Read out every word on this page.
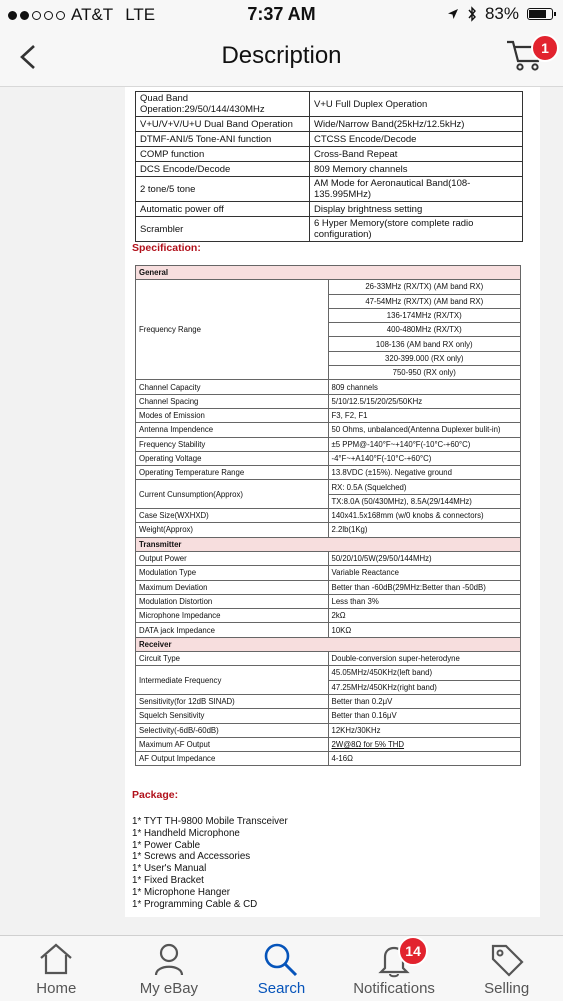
AT&T LTE	7:37 AM	83%
Description	1
Quad Band Operation:29/50/144/430MHz	V+U Full Duplex Operation
V+U/V+V/U+U Dual Band Operation	Wide/Narrow Band(25kHz/12.5kHz)
DTMF-ANI/5 Tone-ANI function	CTCSS Encode/Decode
COMP function	Cross-Band Repeat
DCS Encode/Decode	809 Memory channels
2 tone/5 tone	AM Mode for Aeronautical Band(108-135.995MHz)
Automatic power off	Display brightness setting
Scrambler	6 Hyper Memory(store complete radio configuration)
Specification:
General	
Frequency Range	26-33MHz (RX/TX) (AM band RX)
	47-54MHz (RX/TX) (AM band RX)
	136-174MHz (RX/TX)
	400-480MHz (RX/TX)
	108-136 (AM band RX only)
	320-399.000 (RX only)
	750-950 (RX only)
Channel Capacity	809 channels
Channel Spacing	5/10/12.5/15/20/25/50KHz
Modes of Emission	F3, F2, F1
Antenna Impendence	50 Ohms, unbalanced(Antenna Duplexer bulit-in)
Frequency Stability	±5 PPM@-140°F~+140°F(-10°C-+60°C)
Operating Voltage	-4°F~+A140°F(-10°C-+60°C)
Operating Temperature Range	13.8VDC (±15%). Negative ground
Current Cunsumption(Approx)	RX: 0.5A (Squelched)
	TX:8.0A (50/430MHz), 8.5A(29/144MHz)
Case Size(WXHXD)	140x41.5x168mm (w/0 knobs & connectors)
Weight(Approx)	2.2lb(1Kg)
Transmitter	
Output Power	50/20/10/5W(29/50/144MHz)
Modulation Type	Variable Reactance
Maximum Deviation	Better than -60dB(29MHz:Better than -50dB)
Modulation Distortion	Less than 3%
Microphone Impedance	2kΩ
DATA jack Impedance	10KΩ
Receiver	
Circuit Type	Double-conversion super-heterodyne
Intermediate Frequency	45.05MHz/450KHz(left band)
	47.25MHz/450KHz(right band)
Sensitivity(for 12dB SINAD)	Better than 0.2μV
Squelch Sensitivity	Better than 0.16μV
Selectivity(-6dB/-60dB)	12KHz/30KHz
Maximum AF Output	2W@8Ω for 5% THD
AF Output Impedance	4-16Ω
Package:
1* TYT TH-9800 Mobile Transceiver
1* Handheld Microphone
1* Power Cable
1* Screws and Accessories
1* User's Manual
1* Fixed Bracket
1* Microphone Hanger
1* Programming Cable & CD
Home	My eBay	Search
14
Notifications	Selling
